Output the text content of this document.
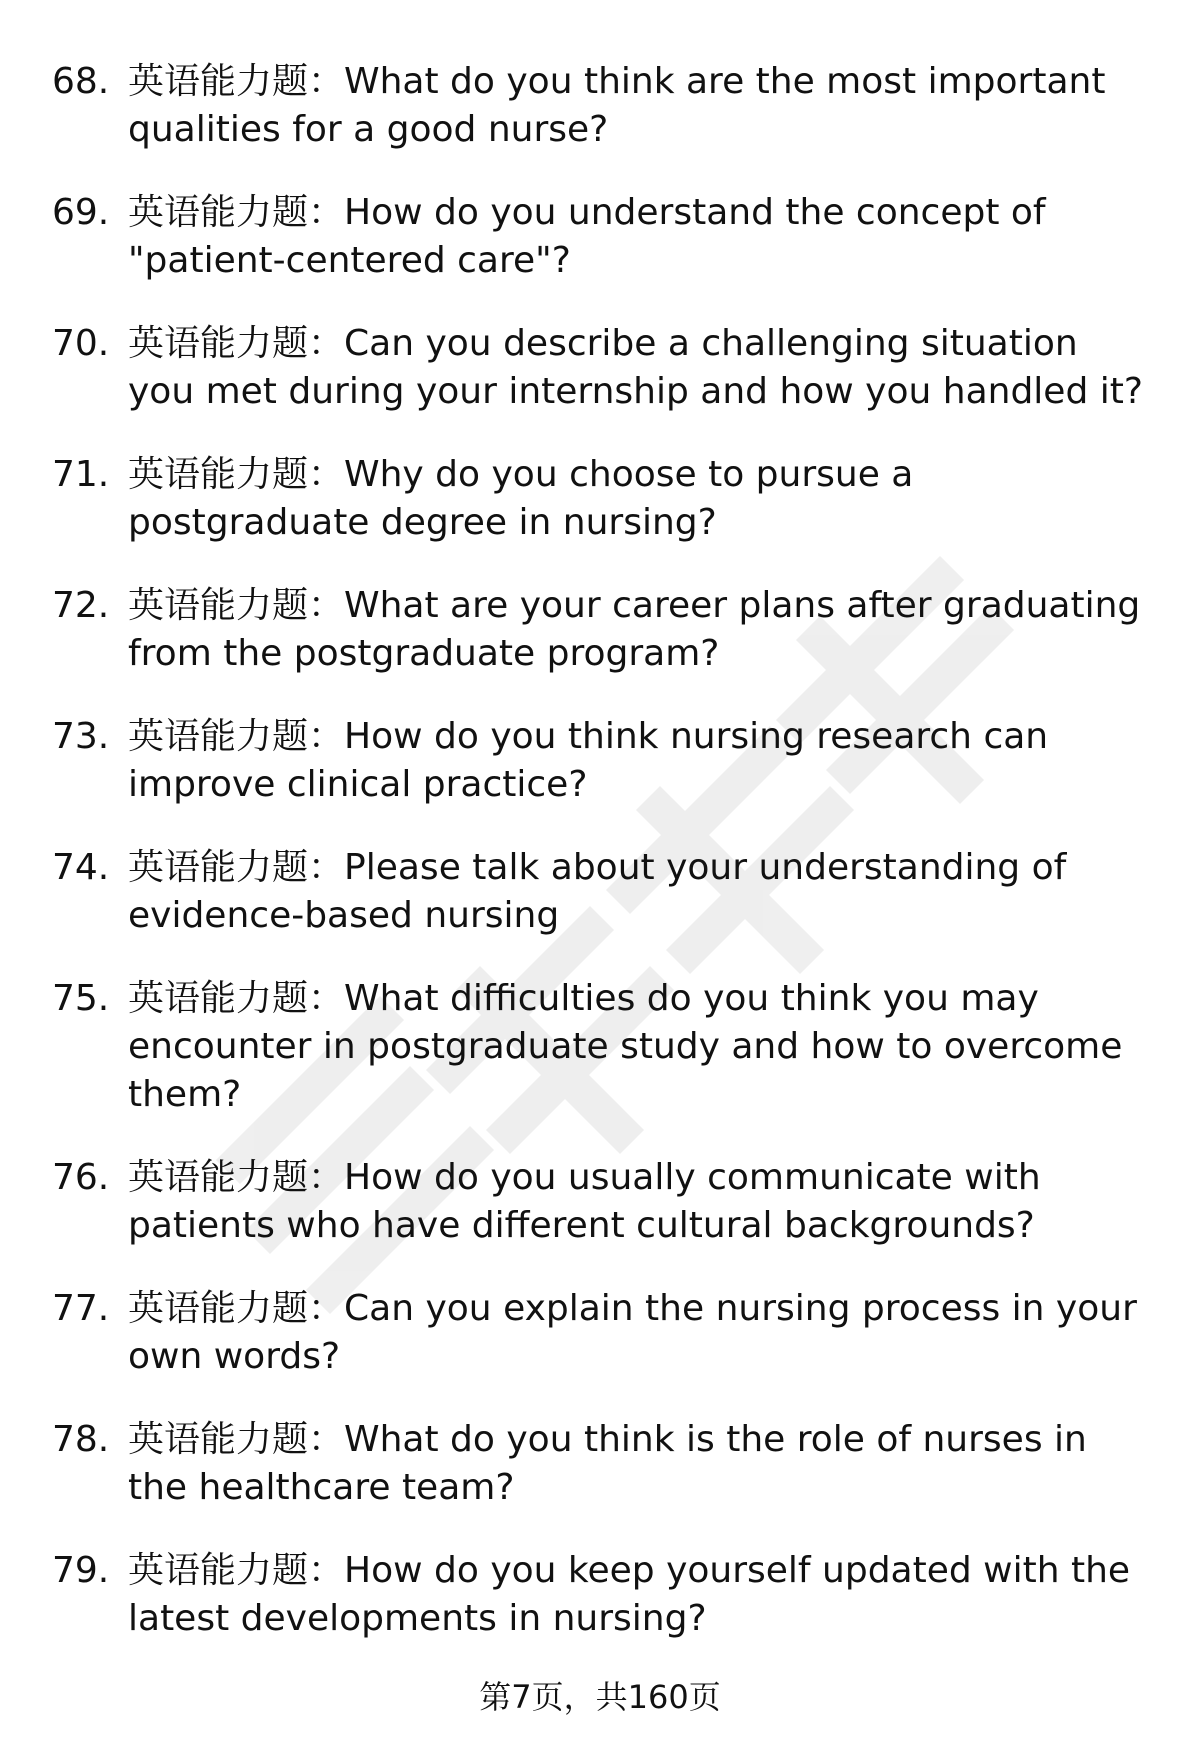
68. 英语能力题：What do you think are the most important qualities for a good nurse?
69. 英语能力题：How do you understand the concept of "patient-centered care"?
70. 英语能力题：Can you describe a challenging situation you met during your internship and how you handled it?
71. 英语能力题：Why do you choose to pursue a postgraduate degree in nursing?
72. 英语能力题：What are your career plans after graduating from the postgraduate program?
73. 英语能力题：How do you think nursing research can improve clinical practice?
74. 英语能力题：Please talk about your understanding of evidence-based nursing
75. 英语能力题：What difficulties do you think you may encounter in postgraduate study and how to overcome them?
76. 英语能力题：How do you usually communicate with patients who have different cultural backgrounds?
77. 英语能力题：Can you explain the nursing process in your own words?
78. 英语能力题：What do you think is the role of nurses in the healthcare team?
79. 英语能力题：How do you keep yourself updated with the latest developments in nursing?
第7页，共160页
